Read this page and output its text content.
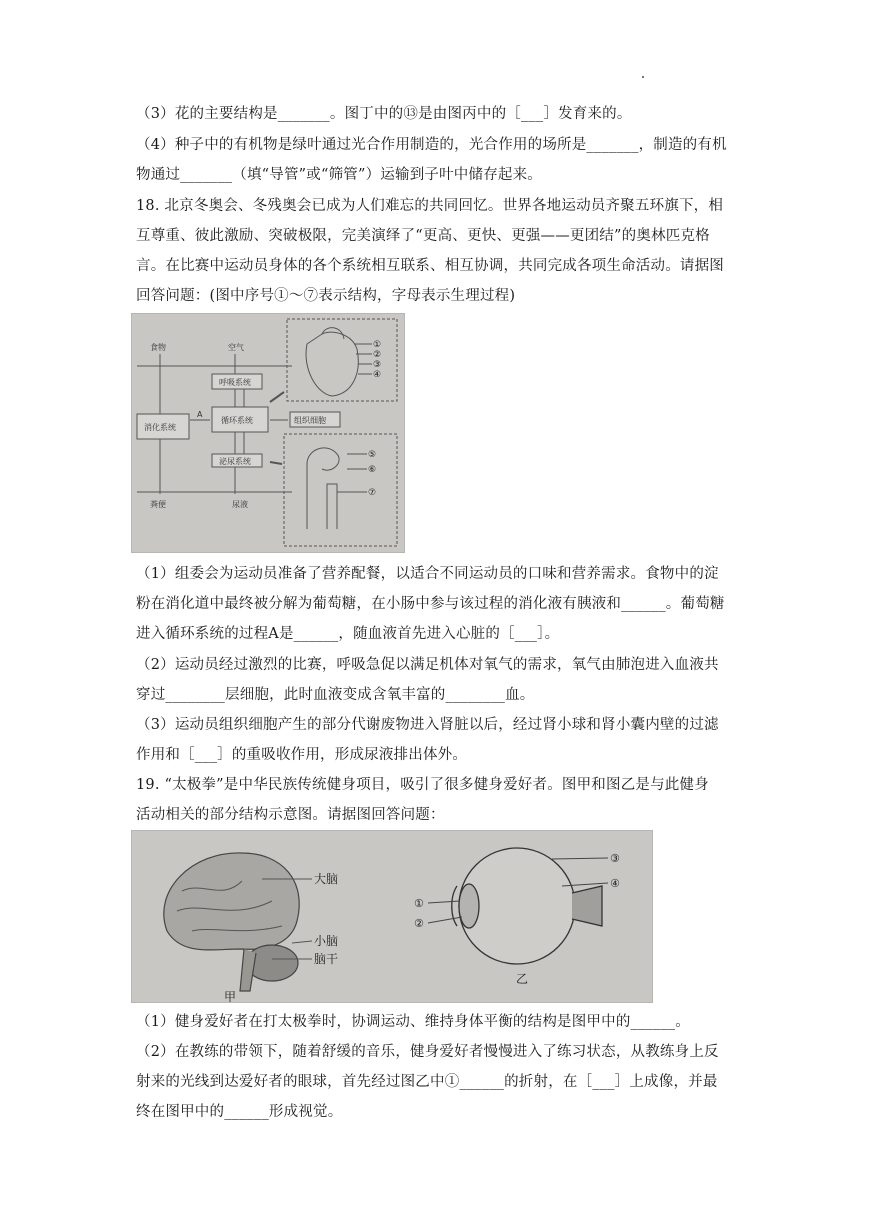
（3）花的主要结构是_______。图丁中的⑬是由图丙中的［___］发育来的。
（4）种子中的有机物是绿叶通过光合作用制造的，光合作用的场所是_______，制造的有机
物通过_______（填“导管”或“筛管”）运输到子叶中储存起来。
18. 北京冬奥会、冬残奥会已成为人们难忘的共同回忆。世界各地运动员齐聚五环旗下，相
互尊重、彼此激励、突破极限，完美演绎了“更高、更快、更强——更团结”的奥林匹克格
言。在比赛中运动员身体的各个系统相互联系、相互协调，共同完成各项生命活动。请据图
回答问题：(图中序号①～⑦表示结构，字母表示生理过程)
食物	空气
呼吸系统
消化系统
A
循环系统	组织细胞
泌尿系统
粪便	尿液
①
②
③
④
⑤
⑥
⑦
（1）组委会为运动员准备了营养配餐，以适合不同运动员的口味和营养需求。食物中的淀
粉在消化道中最终被分解为葡萄糖，在小肠中参与该过程的消化液有胰液和______。葡萄糖
进入循环系统的过程A是______，随血液首先进入心脏的［___］。
（2）运动员经过激烈的比赛，呼吸急促以满足机体对氧气的需求，氧气由肺泡进入血液共
穿过________层细胞，此时血液变成含氧丰富的________血。
（3）运动员组织细胞产生的部分代谢废物进入肾脏以后，经过肾小球和肾小囊内壁的过滤
作用和［___］的重吸收作用，形成尿液排出体外。
19. “太极拳”是中华民族传统健身项目，吸引了很多健身爱好者。图甲和图乙是与此健身
活动相关的部分结构示意图。请据图回答问题：
大脑
小脑
脑干
甲
乙
①
②
③
④
（1）健身爱好者在打太极拳时，协调运动、维持身体平衡的结构是图甲中的______。
（2）在教练的带领下，随着舒缓的音乐，健身爱好者慢慢进入了练习状态，从教练身上反
射来的光线到达爱好者的眼球，首先经过图乙中①______的折射，在［___］上成像，并最
终在图甲中的______形成视觉。
